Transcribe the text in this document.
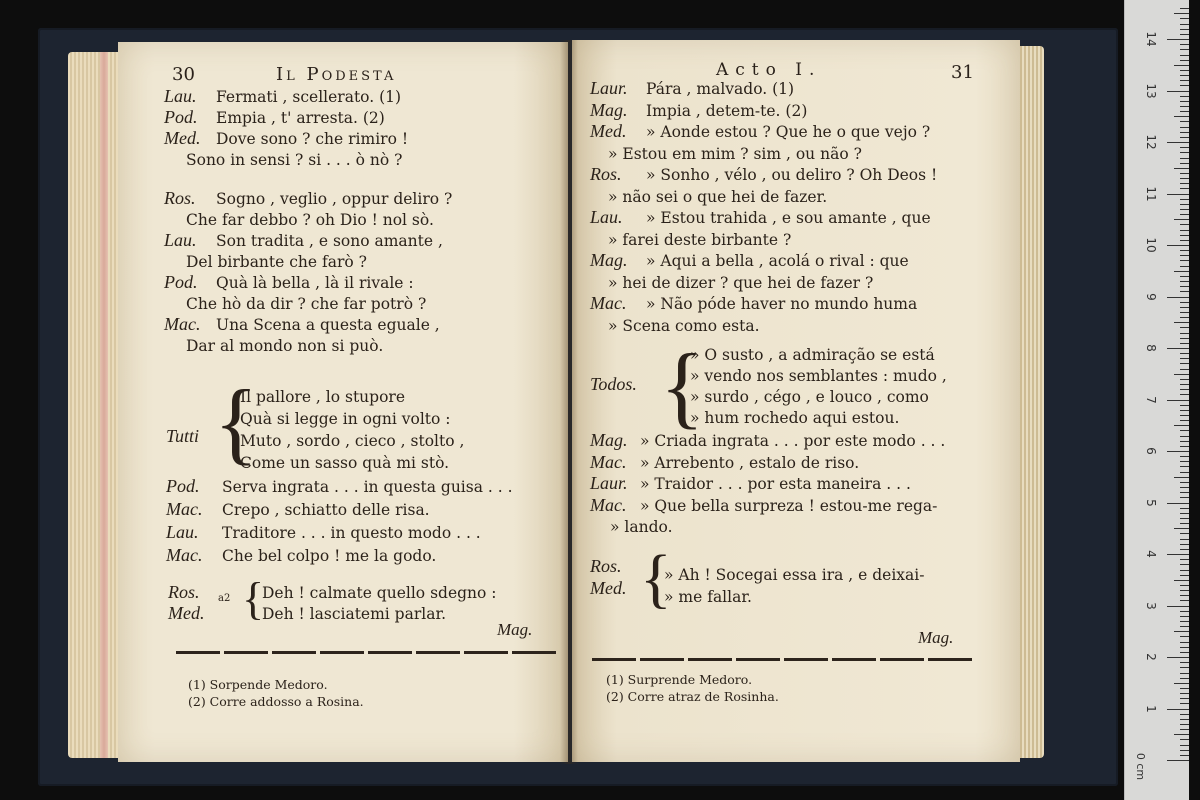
30	Il Podesta
Lau. Fermati , scellerato. (1)
Pod. Empia , t' arresta. (2)
Med. Dove sono ? che rimiro !
Sono in sensi ? si . . . ò nò ?
Ros. Sogno , veglio , oppur deliro ?
Che far debbo ? oh Dio ! nol sò.
Lau. Son tradita , e sono amante ,
Del birbante che farò ?
Pod. Quà là bella , là il rivale :
Che hò da dir ? che far potrò ?
Mac. Una Scena a questa eguale ,
Dar al mondo non si può.
Tutti {
Il pallore , lo stupore
Quà si legge in ogni volto :
Muto , sordo , cieco , stolto ,
Come un sasso quà mi stò.
Pod. Serva ingrata . . . in questa guisa . . .
Mac. Crepo , schiatto delle risa.
Lau. Traditore . . . in questo modo . . .
Mac. Che bel colpo ! me la godo.
Ros.
Med.
a2 {
Deh ! calmate quello sdegno :
Deh ! lasciatemi parlar.
Mag.
(1) Sorpende Medoro.
(2) Corre addosso a Rosina.
Acto I.	31
Laur. Pára , malvado. (1)
Mag. Impia , detem-te. (2)
Med. » Aonde estou ? Que he o que vejo ?
» Estou em mim ? sim , ou não ?
Ros. » Sonho , vélo , ou deliro ? Oh Deos !
» não sei o que hei de fazer.
Lau. » Estou trahida , e sou amante , que
» farei deste birbante ?
Mag. » Aqui a bella , acolá o rival : que
» hei de dizer ? que hei de fazer ?
Mac. » Não póde haver no mundo huma
» Scena como esta.
Todos. {
» O susto , a admiração se está
» vendo nos semblantes : mudo ,
» surdo , cégo , e louco , como
» hum rochedo aqui estou.
Mag. » Criada ingrata . . . por este modo . . .
Mac. » Arrebento , estalo de riso.
Laur. » Traidor . . . por esta maneira . . .
Mac. » Que bella surpreza ! estou-me rega-
» lando.
Ros.
Med. {
» Ah ! Socegai essa ira , e deixai-
» me fallar.
Mag.
(1) Surprende Medoro.
(2) Corre atraz de Rosinha.
0 cm
1
2
3
4
5
6
7
8
9
10
11
12
13
14
